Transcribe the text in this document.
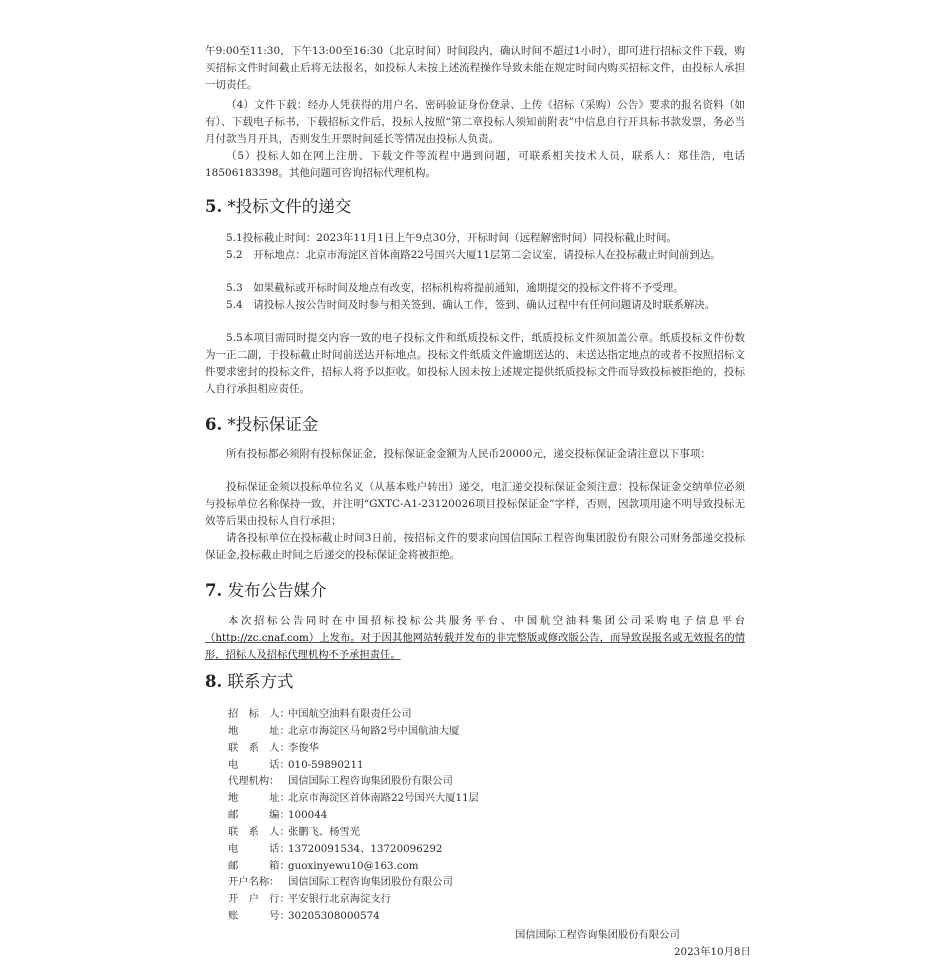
午9:00至11:30，下午13:00至16:30（北京时间）时间段内，确认时间不超过1小时），即可进行招标文件下载，购买招标文件时间截止后将无法报名，如投标人未按上述流程操作导致未能在规定时间内购买招标文件，由投标人承担一切责任。

（4）文件下载：经办人凭获得的用户名、密码验证身份登录、上传《招标（采购）公告》要求的报名资料（如有）、下载电子标书，下载招标文件后，投标人按照“第二章投标人须知前附表”中信息自行开具标书款发票，务必当月付款当月开具，否则发生开票时间延长等情况由投标人负责。

（5）投标人如在网上注册、下载文件等流程中遇到问题，可联系相关技术人员，联系人：郑佳浩，电话18506183398。其他问题可咨询招标代理机构。

5. *投标文件的递交

5.1投标截止时间：2023年11月1日上午9点30分，开标时间（远程解密时间）同投标截止时间。

5.2　开标地点：北京市海淀区首体南路22号国兴大厦11层第二会议室，请投标人在投标截止时间前到达。

5.3　如果截标或开标时间及地点有改变，招标机构将提前通知，逾期提交的投标文件将不予受理。

5.4　请投标人按公告时间及时参与相关签到、确认工作，签到、确认过程中有任何问题请及时联系解决。

5.5本项目需同时提交内容一致的电子投标文件和纸质投标文件，纸质投标文件须加盖公章。纸质投标文件份数为一正二副，于投标截止时间前送达开标地点。投标文件纸质文件逾期送达的、未送达指定地点的或者不按照招标文件要求密封的投标文件，招标人将予以拒收。如投标人因未按上述规定提供纸质投标文件而导致投标被拒绝的，投标人自行承担相应责任。

6. *投标保证金

所有投标都必须附有投标保证金，投标保证金金额为人民币20000元，递交投标保证金请注意以下事项：

投标保证金须以投标单位名义（从基本账户转出）递交，电汇递交投标保证金须注意：投标保证金交纳单位必须与投标单位名称保持一致，并注明“GXTC-A1-23120026项目投标保证金”字样，否则，因款项用途不明导致投标无效等后果由投标人自行承担；

请各投标单位在投标截止时间3日前，按招标文件的要求向国信国际工程咨询集团股份有限公司财务部递交投标保证金,投标截止时间之后递交的投标保证金将被拒绝。

7. 发布公告媒介

本次招标公告同时在中国招标投标公共服务平台、中国航空油料集团公司采购电子信息平台（http://zc.cnaf.com）上发布。对于因其他网站转载并发布的非完整版或修改版公告，而导致误报名或无效报名的情形，招标人及招标代理机构不予承担责任。

8. 联系方式
招　标　人：
中国航空油料有限责任公司
地　　　址：
北京市海淀区马甸路2号中国航油大厦
联　系　人：
李俊华
电　　　话：
010-59890211
代理机构： 国信国际工程咨询集团股份有限公司
地　　　址：
北京市海淀区首体南路22号国兴大厦11层
邮　　　编：
100044
联　系　人：
张鹏飞、杨雪光
电　　　话：
13720091534、13720096292
邮　　　箱：
guoxinyewu10@163.com
开户名称： 国信国际工程咨询集团股份有限公司
开　户　行：
平安银行北京海淀支行
账　　　号：
30205308000574
国信国际工程咨询集团股份有限公司
2023年10月8日
